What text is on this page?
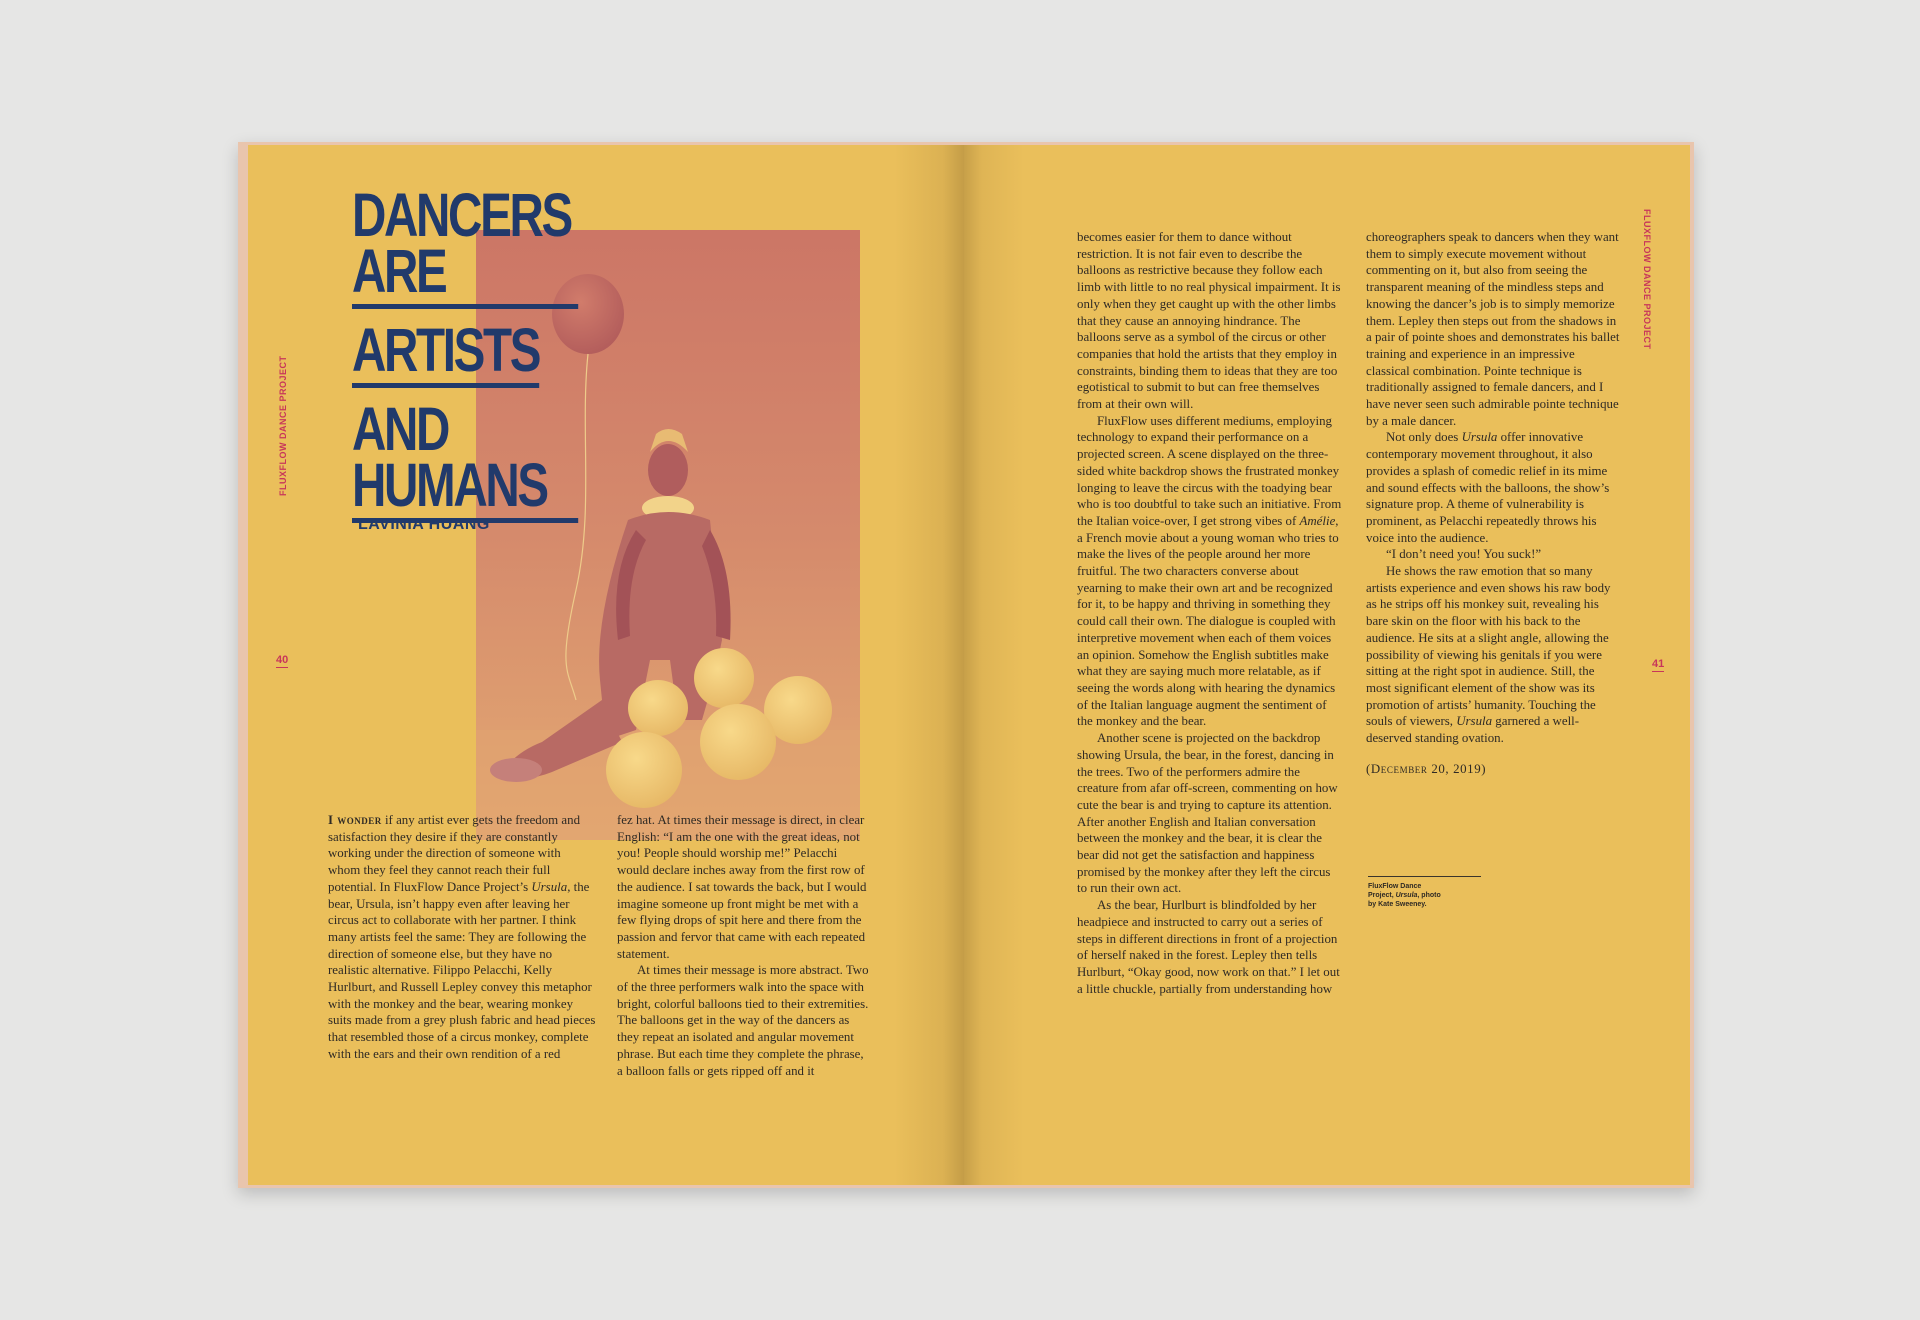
FLUXFLOW DANCE PROJECT
40
DANCERS ARE
ARTISTS
AND HUMANS
LAVINIA HUANG

I wonder if any artist ever gets the freedom and satisfaction they desire if they are constantly working under the direction of someone with whom they feel they cannot reach their full potential. In FluxFlow Dance Project’s Ursula, the bear, Ursula, isn’t happy even after leaving her circus act to collaborate with her partner. I think many artists feel the same: They are following the direction of someone else, but they have no realistic alternative. Filippo Pelacchi, Kelly Hurlburt, and Russell Lepley convey this metaphor with the monkey and the bear, wearing monkey suits made from a grey plush fabric and head pieces that resembled those of a circus monkey, complete with the ears and their own rendition of a red

fez hat. At times their message is direct, in clear English: “I am the one with the great ideas, not you! People should worship me!” Pelacchi would declare inches away from the first row of the audience. I sat towards the back, but I would imagine someone up front might be met with a few flying drops of spit here and there from the passion and fervor that came with each repeated statement.

At times their message is more abstract. Two of the three performers walk into the space with bright, colorful balloons tied to their extremities. The balloons get in the way of the dancers as they repeat an isolated and angular movement phrase. But each time they complete the phrase, a balloon falls or gets ripped off and it

FLUXFLOW DANCE PROJECT
41

becomes easier for them to dance without restriction. It is not fair even to describe the balloons as restrictive because they follow each limb with little to no real physical impairment. It is only when they get caught up with the other limbs that they cause an annoying hindrance. The balloons serve as a symbol of the circus or other companies that hold the artists that they employ in constraints, binding them to ideas that they are too egotistical to submit to but can free themselves from at their own will.

FluxFlow uses different mediums, employing technology to expand their performance on a projected screen. A scene displayed on the three-sided white backdrop shows the frustrated monkey longing to leave the circus with the toadying bear who is too doubtful to take such an initiative. From the Italian voice-over, I get strong vibes of Amélie, a French movie about a young woman who tries to make the lives of the people around her more fruitful. The two characters converse about yearning to make their own art and be recognized for it, to be happy and thriving in something they could call their own. The dialogue is coupled with interpretive movement when each of them voices an opinion. Somehow the English subtitles make what they are saying much more relatable, as if seeing the words along with hearing the dynamics of the Italian language augment the sentiment of the monkey and the bear.

Another scene is projected on the backdrop showing Ursula, the bear, in the forest, dancing in the trees. Two of the performers admire the creature from afar off-screen, commenting on how cute the bear is and trying to capture its attention. After another English and Italian conversation between the monkey and the bear, it is clear the bear did not get the satisfaction and happiness promised by the monkey after they left the circus to run their own act.

As the bear, Hurlburt is blindfolded by her headpiece and instructed to carry out a series of steps in different directions in front of a projection of herself naked in the forest. Lepley then tells Hurlburt, “Okay good, now work on that.” I let out a little chuckle, partially from understanding how

choreographers speak to dancers when they want them to simply execute movement without commenting on it, but also from seeing the transparent meaning of the mindless steps and knowing the dancer’s job is to simply memorize them. Lepley then steps out from the shadows in a pair of pointe shoes and demonstrates his ballet training and experience in an impressive classical combination. Pointe technique is traditionally assigned to female dancers, and I have never seen such admirable pointe technique by a male dancer.

Not only does Ursula offer innovative contemporary movement throughout, it also provides a splash of comedic relief in its mime and sound effects with the balloons, the show’s signature prop. A theme of vulnerability is prominent, as Pelacchi repeatedly throws his voice into the audience.

“I don’t need you! You suck!”

He shows the raw emotion that so many artists experience and even shows his raw body as he strips off his monkey suit, revealing his bare skin on the floor with his back to the audience. He sits at a slight angle, allowing the possibility of viewing his genitals if you were sitting at the right spot in audience. Still, the most significant element of the show was its promotion of artists’ humanity. Touching the souls of viewers, Ursula garnered a well-deserved standing ovation.

(December 20, 2019)

FluxFlow Dance
Project, Ursula, photo
by Kate Sweeney.
